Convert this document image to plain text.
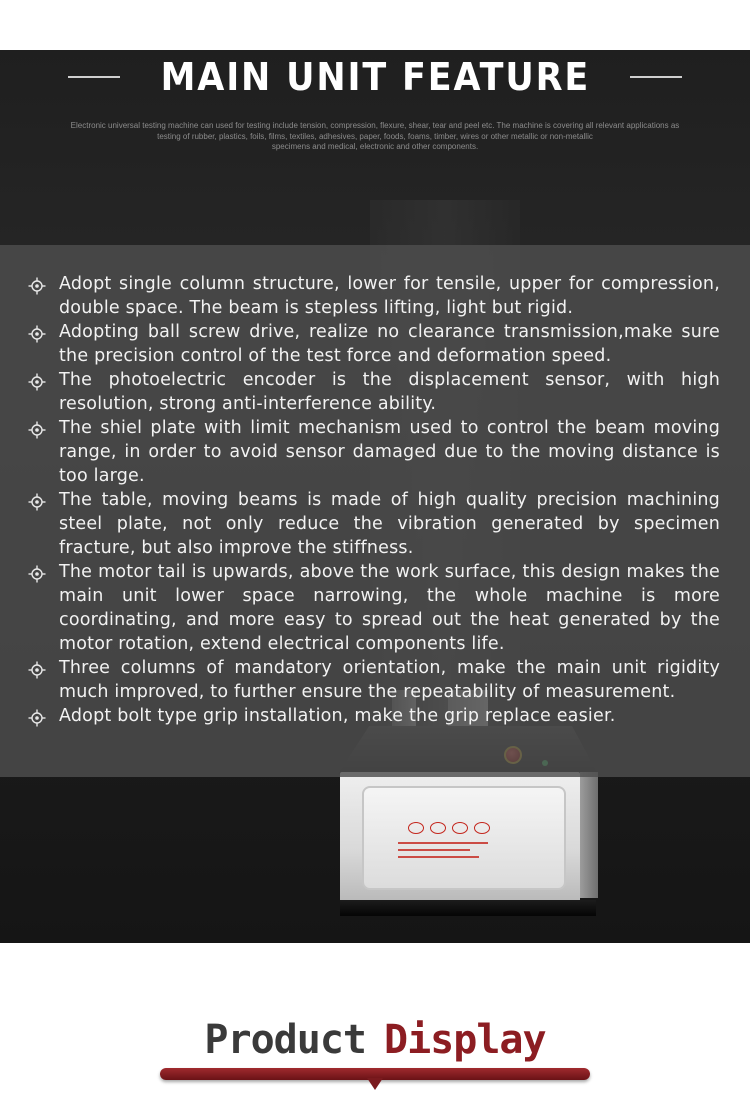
MAIN UNIT FEATURE
Electronic universal testing machine can used for testing include tension, compression, flexure, shear, tear and peel etc. The machine is covering all relevant applications as
testing of rubber, plastics, foils, films, textiles, adhesives, paper, foods, foams, timber, wires or other metallic or non-metallic
specimens and medical, electronic and other components.
Adopt single column structure, lower for tensile, upper for compression, double space. The beam is stepless lifting, light but rigid.
Adopting ball screw drive, realize no clearance transmission,make sure the precision control of the test force and deformation speed.
The photoelectric encoder is the displacement sensor, with high resolution, strong anti-interference ability.
The shiel plate with limit mechanism used to control the beam moving range, in order to avoid sensor damaged due to the moving distance is too large.
The table, moving beams is made of high quality precision machining steel plate, not only reduce the vibration generated by specimen fracture, but also improve the stiffness.
The motor tail is upwards, above the work surface, this design makes the main unit lower space narrowing, the whole machine is more coordinating, and more easy to spread out the heat generated by the motor rotation, extend electrical components life.
Three columns of mandatory orientation, make the main unit rigidity much improved, to further ensure the repeatability of measurement.
Adopt bolt type grip installation, make the grip replace easier.
Product Display
